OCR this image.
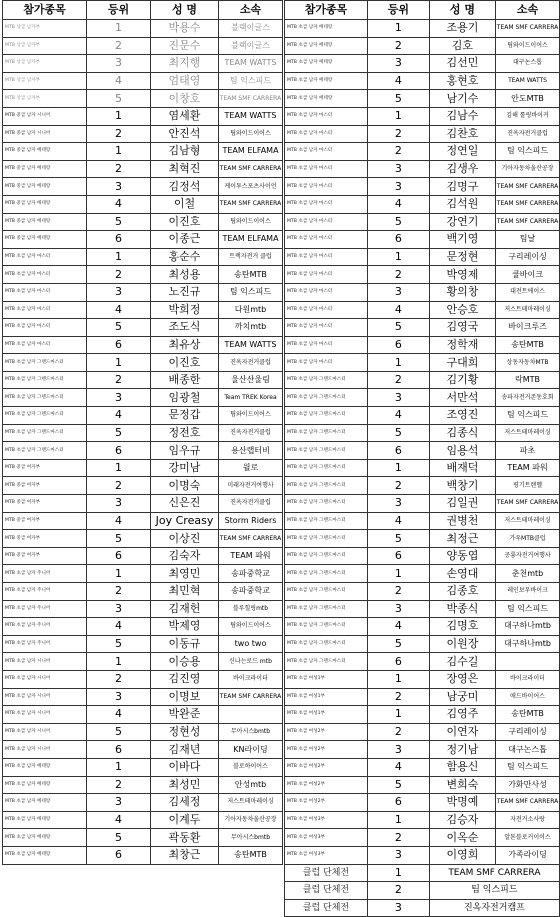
참가종목	등위	성 명	소속
MTB 상급 남자부	1	박용수	블랙이글스
MTB 상급 남자부	2	진문수	블랙이글스
MTB 상급 남자부	3	최지행	TEAM WATTS
MTB 상급 남자부	4	엄태영	팀 익스피드
MTB 상급 남자부	5	이창호	TEAM SMF CARRERA
MTB 중급 남자 시니어	1	염세환	TEAM WATTS
MTB 중급 남자 시니어	2	안진석	팀와이드이어스
MTB 중급 남자 베테랑	1	김남형	TEAM ELFAMA
MTB 중급 남자 베테랑	2	최혁진	TEAM SMF CARRERA
MTB 중급 남자 베테랑	3	김정석	케이투스포츠사이언
MTB 중급 남자 베테랑	4	이철	TEAM SMF CARRERA
MTB 중급 남자 베테랑	5	이진호	팀와이드이어스
MTB 중급 남자 베테랑	6	이종근	TEAM ELFAMA
MTB 초급 남자 마스터	1	홍순수	트랙자전거 클럽
MTB 초급 남자 마스터	2	최성용	송탄MTB
MTB 초급 남자 마스터	3	노진규	팀 익스피드
MTB 초급 남자 마스터	4	박희정	다원mtb
MTB 초급 남자 마스터	5	조도식	까치mtb
MTB 초급 남자 마스터	6	최유상	TEAM WATTS
MTB 초급 남자 그랜드마스터	1	이진호	진옥자전거클럽
MTB 초급 남자 그랜드마스터	2	배종한	울산산울림
MTB 초급 남자 그랜드마스터	3	임광철	Team TREK Korea
MTB 초급 남자 그랜드마스터	4	문정갑	팀와이드이어스
MTB 초급 남자 그랜드마스터	5	정전호	진옥자전거클럽
MTB 초급 남자 그랜드마스터	6	임우규	용산랩터비
MTB 중급 여자부	1	강미남	윌로
MTB 중급 여자부	2	이명숙	미래자전거여행사
MTB 중급 여자부	3	신은진	진옥자전거클럽
MTB 중급 여자부	4	Joy Creasy	Storm Riders
MTB 중급 여자부	5	이상진	TEAM SMF CARRERA
MTB 중급 여자부	6	김숙자	TEAM 파워
MTB 초급 남자 주니어	1	최영민	송파중학교
MTB 초급 남자 주니어	2	최민혁	송파중학교
MTB 초급 남자 주니어	3	김재헌	블루힐링mtb
MTB 초급 남자 주니어	4	박제영	팀와이드이어스
MTB 초급 남자 주니어	5	이동규	two two
MTB 초급 남자 시니어	1	이승용	신나는로드 mtb
MTB 초급 남자 시니어	2	김진영	바이크라이더
MTB 초급 남자 시니어	3	이명보	TEAM SMF CARRERA
MTB 초급 남자 시니어	4	박완준	
MTB 초급 남자 시니어	5	정현성	무아시스bmtb
MTB 초급 남자 시니어	6	김재년	KN라이딩
MTB 초급 남자 베테랑	1	이바다	블로하이어스
MTB 초급 남자 베테랑	2	최성민	안성mtb
MTB 초급 남자 베테랑	3	김세정	저스트테마레이싱
MTB 초급 남자 베테랑	4	이계두	기아자동차울산공장
MTB 초급 남자 베테랑	5	곽동환	무아시스bmtb
MTB 초급 남자 베테랑	6	최창근	송탄MTB
참가종목	등위	성 명	소속
MTB 초급 남자 베테랑	1	조용기	TEAM SMF CARRERA
MTB 초급 남자 베테랑	2	김호	팀와이드이어스
MTB 초급 남자 베테랑	3	김선민	대구논스톱
MTB 초급 남자 베테랑	4	홍현호	TEAM WATTS
MTB 초급 남자 베테랑	5	남기수	안도MTB
MTB 초급 남자 마스터	1	김남수	김해 롤링바이커
MTB 초급 남자 마스터	2	김찬호	진옥자전거클럽
MTB 초급 남자 마스터	2	정연일	팀 익스피드
MTB 초급 남자 마스터	3	김생우	기아자동차울산공장
MTB 초급 남자 마스터	3	김명구	TEAM SMF CARRERA
MTB 초급 남자 마스터	4	김석원	TEAM SMF CARRERA
MTB 초급 남자 마스터	5	강연기	TEAM SMF CARRERA
MTB 초급 남자 마스터	6	백기영	팀날
MTB 초급 남자 마스터	1	문정현	구리레이싱
MTB 초급 남자 마스터	2	박영제	쿨바이크
MTB 초급 남자 마스터	3	황의창	대전트에이스
MTB 초급 남자 마스터	4	안승호	저스트테마레이싱
MTB 초급 남자 마스터	5	김영국	바이크루즈
MTB 초급 남자 마스터	6	정학재	송탄MTB
MTB 초급 남자 마스터	1	구대희	상동자동차MTB
MTB 초급 남자 그랜드마스터	2	김기황	락MTB
MTB 초급 남자 그랜드마스터	3	서만석	송파자전거존동호회
MTB 초급 남자 그랜드마스터	4	조영진	팀 익스피드
MTB 초급 남자 그랜드마스터	5	김종식	저스트테마레이싱
MTB 초급 남자 그랜드마스터	6	임용석	파초
MTB 초급 남자 그랜드마스터	1	배재덕	TEAM 파워
MTB 초급 남자 그랜드마스터	2	백창기	평기트랜헬
MTB 초급 남자 그랜드마스터	3	김일권	TEAM SMF CARRERA
MTB 초급 남자 그랜드마스터	4	권병천	저스트테마레이싱
MTB 초급 남자 그랜드마스터	5	최정근	가우MTB클럽
MTB 초급 남자 그랜드마스터	6	양동엽	공룡자전거여행사
MTB 초급 남자 그랜드마스터	1	손영대	춘천mtb
MTB 초급 남자 그랜드마스터	2	김종호	레인보우바이크
MTB 초급 남자 그랜드마스터	3	박종식	팀 익스피드
MTB 초급 남자 그랜드마스터	4	김명호	대구하나mtb
MTB 초급 남자 그랜드마스터	5	이원장	대구하나mtb
MTB 초급 남자 그랜드마스터	6	김수길	
MTB 초급 여성1부	1	장영은	바이크라이더
MTB 초급 여성1부	2	남궁미	애드바이어스
MTB 초급 여성1부	1	김영주	송탄MTB
MTB 초급 여성2부	2	이연자	구리레이싱
MTB 초급 여성2부	3	정기남	대구논스톱
MTB 초급 여성2부	4	함용신	팀 익스피드
MTB 초급 여성2부	5	변희숙	가화만사성
MTB 초급 여성2부	6	박명예	TEAM SMF CARRERA
MTB 초급 여성3부	1	김승자	자전거소사랑
MTB 초급 여성3부	2	이옥순	알톤블로커이이스
MTB 초급 여성3부	3	이영희	가족라이딩
클럽 단체전	1	TEAM SMF CARRERA	
클럽 단체전	2	팀 익스피드	
클럽 단체전	3	진옥자전거캠프	
